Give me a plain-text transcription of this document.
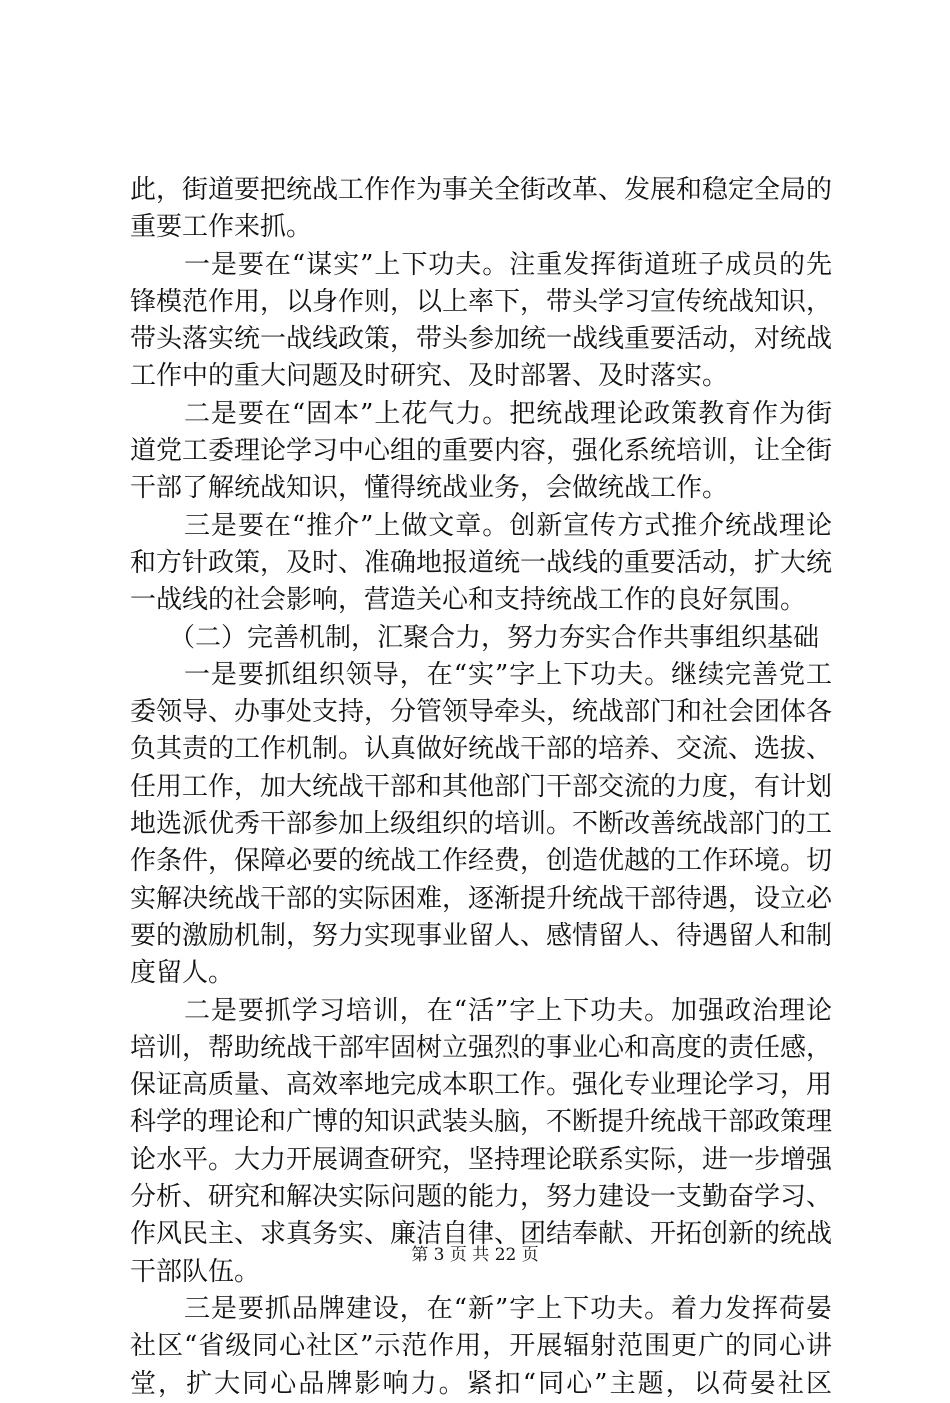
此，街道要把统战工作作为事关全街改革、发展和稳定全局的
重要工作来抓。
　　一是要在“谋实”上下功夫。注重发挥街道班子成员的先
锋模范作用，以身作则，以上率下，带头学习宣传统战知识，
带头落实统一战线政策，带头参加统一战线重要活动，对统战
工作中的重大问题及时研究、及时部署、及时落实。
　　二是要在“固本”上花气力。把统战理论政策教育作为街
道党工委理论学习中心组的重要内容，强化系统培训，让全街
干部了解统战知识，懂得统战业务，会做统战工作。
　　三是要在“推介”上做文章。创新宣传方式推介统战理论
和方针政策，及时、准确地报道统一战线的重要活动，扩大统
一战线的社会影响，营造关心和支持统战工作的良好氛围。
　　（二）完善机制，汇聚合力，努力夯实合作共事组织基础
　　一是要抓组织领导，在“实”字上下功夫。继续完善党工
委领导、办事处支持，分管领导牵头，统战部门和社会团体各
负其责的工作机制。认真做好统战干部的培养、交流、选拔、
任用工作，加大统战干部和其他部门干部交流的力度，有计划
地选派优秀干部参加上级组织的培训。不断改善统战部门的工
作条件，保障必要的统战工作经费，创造优越的工作环境。切
实解决统战干部的实际困难，逐渐提升统战干部待遇，设立必
要的激励机制，努力实现事业留人、感情留人、待遇留人和制
度留人。
　　二是要抓学习培训，在“活”字上下功夫。加强政治理论
培训，帮助统战干部牢固树立强烈的事业心和高度的责任感，
保证高质量、高效率地完成本职工作。强化专业理论学习，用
科学的理论和广博的知识武装头脑，不断提升统战干部政策理
论水平。大力开展调查研究，坚持理论联系实际，进一步增强
分析、研究和解决实际问题的能力，努力建设一支勤奋学习、
作风民主、求真务实、廉洁自律、团结奉献、开拓创新的统战
干部队伍。
　　三是要抓品牌建设，在“新”字上下功夫。着力发挥荷晏
社区“省级同心社区”示范作用，开展辐射范围更广的同心讲
堂，扩大同心品牌影响力。紧扣“同心”主题，以荷晏社区
第 3 页 共 22 页
